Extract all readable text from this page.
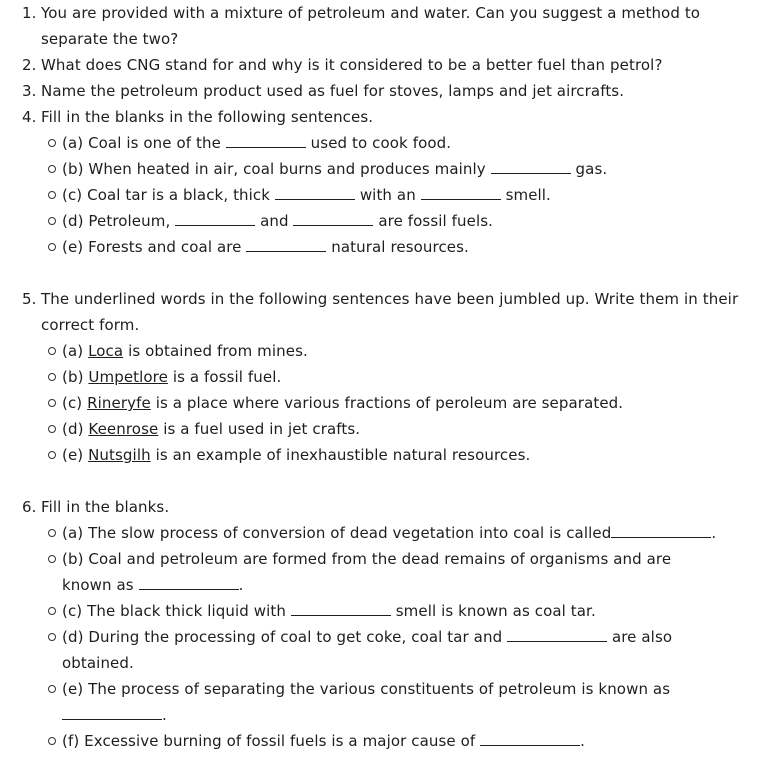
1. You are provided with a mixture of petroleum and water. Can you suggest a method to
separate the two?
2. What does CNG stand for and why is it considered to be a better fuel than petrol?
3. Name the petroleum product used as fuel for stoves, lamps and jet aircrafts.
4. Fill in the blanks in the following sentences.
(a) Coal is one of the	used to cook food.
(b) When heated in air, coal burns and produces mainly	gas.
(c) Coal tar is a black, thick	with an	smell.
(d) Petroleum,	and	are fossil fuels.
(e) Forests and coal are	natural resources.
5. The underlined words in the following sentences have been jumbled up. Write them in their
correct form.
(a) Loca is obtained from mines.
(b) Umpetlore is a fossil fuel.
(c) Rineryfe is a place where various fractions of peroleum are separated.
(d) Keenrose is a fuel used in jet crafts.
(e) Nutsgilh is an example of inexhaustible natural resources.
6. Fill in the blanks.
(a) The slow process of conversion of dead vegetation into coal is called	.
(b) Coal and petroleum are formed from the dead remains of organisms and are
known as	.
(c) The black thick liquid with	smell is known as coal tar.
(d) During the processing of coal to get coke, coal tar and	are also
obtained.
(e) The process of separating the various constituents of petroleum is known as
.
(f) Excessive burning of fossil fuels is a major cause of	.
